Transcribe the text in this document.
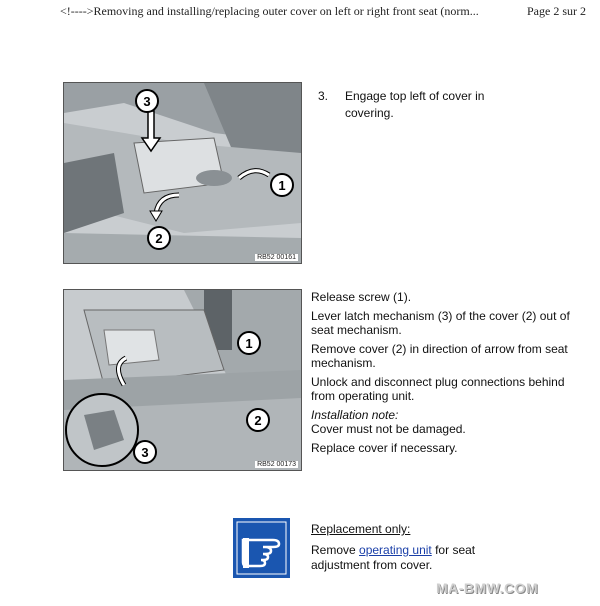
<!---->Removing and installing/replacing outer cover on left or right front seat (norm...	Page 2 sur 2
3
1
2
RB52 00161
3. Engage top left of cover in covering.
1
2
3
RB52 00173

Release screw (1).

Lever latch mechanism (3) of the cover (2) out of seat mechanism.

Remove cover (2) in direction of arrow from seat mechanism.

Unlock and disconnect plug connections behind from operating unit.

Installation note:

Cover must not be damaged.

Replace cover if necessary.

Replacement only:
Remove operating unit for seat adjustment from cover.
MA-BMW.COM
